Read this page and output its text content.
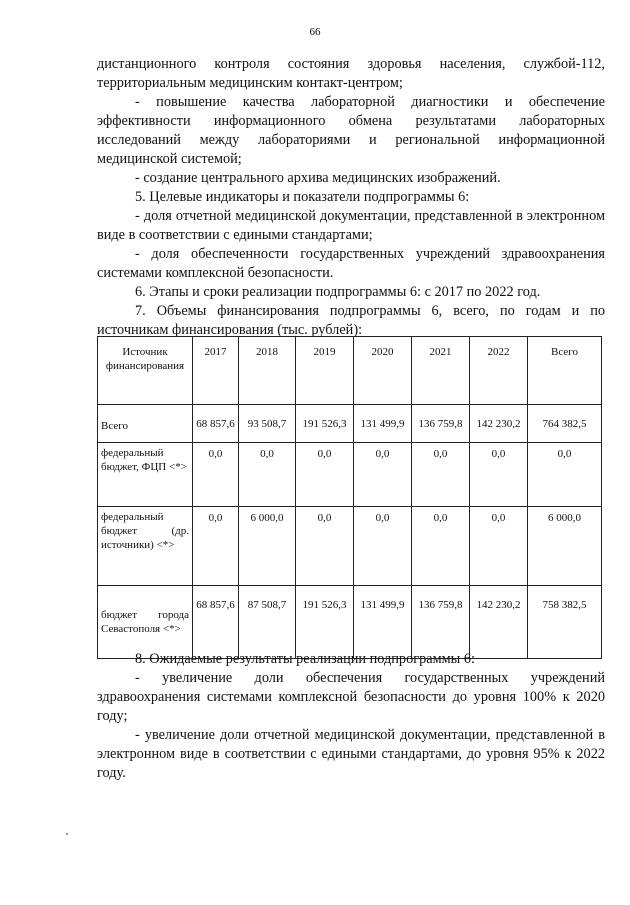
66

дистанционного контроля состояния здоровья населения, службой-112, территориальным медицинским контакт-центром;

- повышение качества лабораторной диагностики и обеспечение эффективности информационного обмена результатами лабораторных исследований между лабораториями и региональной информационной медицинской системой;

- создание центрального архива медицинских изображений.

5. Целевые индикаторы и показатели подпрограммы 6:

- доля отчетной медицинской документации, представленной в электронном виде в соответствии с едиными стандартами;

- доля обеспеченности государственных учреждений здравоохранения системами комплексной безопасности.

6. Этапы и сроки реализации подпрограммы 6: с 2017 по 2022 год.

7. Объемы финансирования подпрограммы 6, всего, по годам и по источникам финансирования (тыс. рублей):

Источник финансирования	2017	2018	2019	2020	2021	2022	Всего
Всего	68 857,6	93 508,7	191 526,3	131 499,9	136 759,8	142 230,2	764 382,5
федеральный бюджет, ФЦП <*>	0,0	0,0	0,0	0,0	0,0	0,0	0,0
федеральный бюджет (др. источники) <*>	0,0	6 000,0	0,0	0,0	0,0	0,0	6 000,0
бюджет города Севастополя <*>	68 857,6	87 508,7	191 526,3	131 499,9	136 759,8	142 230,2	758 382,5

8. Ожидаемые результаты реализации подпрограммы 6:

- увеличение доли обеспечения государственных учреждений здравоохранения системами комплексной безопасности до уровня 100% к 2020 году;

- увеличение доли отчетной медицинской документации, представленной в электронном виде в соответствии с едиными стандартами, до уровня 95% к 2022 году.
